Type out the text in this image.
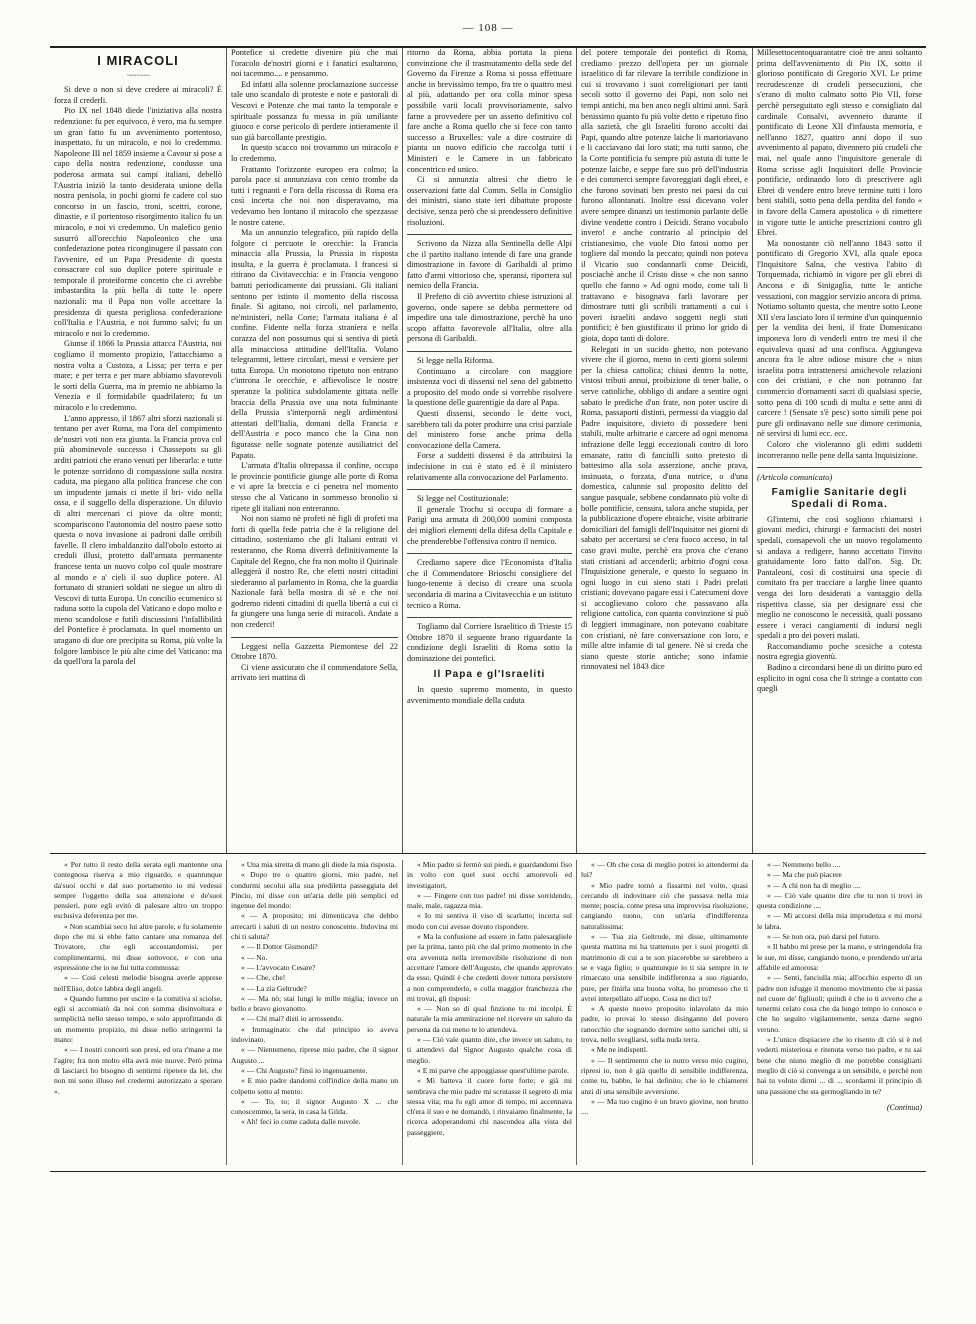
— 108 —
I MIRACOLI
~~~~~~~~

Si deve o non si deve credere ai miracoli? È forza il crederli.

Pio IX nel 1848 diede l'iniziativa alla nostra redenzione: fu per equivoco, è vero, ma fu sempre un gran fatto fu un avvenimento portentoso, inaspettato, fu un miracolo, e noi lo credemmo. Napoleone III nel 1859 insieme a Cavour si pose a capo della nostra redenzione, condusse una poderosa armata sui campi italiani, debellò l'Austria iniziò la tanto desiderata unione della nostra penisola, in pochi giorni fe cadere col suo concorso in un fascio, troni, scettri, corone, dinastie, e il portentoso risorgimento italico fu un miracolo, e noi vi credemmo. Un malefico genio susurrò all'orecchio Napoleonico che una confederazione potea riconginugere il passato con l'avvenire, ed un Papa Presidente di questa consacrare col suo duplice potere spirituale e temporale il proteiforme concetto che ci avrebbe imbastardita la più bella di tutte le opere nazionali: ma il Papa non volle accettare la presidenza di questa perigliosa confederazione coll'Italia e l'Austria, e noi fummo salvi; fu un miracolo e noi lo credemmo.

Giunse il 1866 la Prussia attacca l'Austria, noi cogliamo il momento propizio, l'attacchiamo a nostra volta a Custoza, a Lissa; per terra e per mare; e per terra e per mare abbiamo sfavorevoli le sorti della Guerra, ma in premio ne abbiamo la Venezia e il formidabile quadrilatero; fu un miracolo e lo credemmo.

L'anno appresso, il 1867 altri sforzi nazionali si tentano per aver Roma, ma l'ora del compimento de'nostri voti non era giunta. la Francia prova col più abominevole successo i Chassepots su gli arditi patrioti che erano venuti per liberarla: e tutte le potenze sorridono di compassione sulla nostra caduta, ma piegano alla politica francese che con un impudente jamais ci mette il bri- vido nella ossa, e il suggello della disperazione. Un diluvio di altri mercenari ci piove da oltre monti; scompariscono l'autonomia del nostro paese sotto questa o nova invasione ai padroni dalle orribili favelle. Il clero imbaldanzito dall'obolo estorto ai creduli illusi, protetto dall'armata permanente francese tenta un nuovo colpo col quale mostrare al mondo e a' cieli il suo duplice potere. Al fortunato di stranieri soldati ne siegue un altro di Vescovi di tutta Europa. Un concilio ecumenico si raduna sotto la cupola del Vaticano e dopo molto e meno scandolose e futili discussioni l'infallibilità del Pontefice è proclamata. In quel momento un uragano di due ore precipita su Roma, più volte la folgore lambisce le più alte cime del Vaticano: ma da quell'ora la parola del

Pontefice si credette divenire più che mai l'oracolo de'nostri giorni e i fanatici esultarono, noi tacemmo.... e pensammo.

Ed infatti alla solenne proclamazione successe tale uno scandalo di proteste e note e pastorali di Vescovi e Potenze che mai tanto la temporale e spirituale possanza fu messa in più umiliante giuoco e corse pericolo di perdere intieramente il suo già barcollante prestigio.

In questo scacco noi trovammo un miracolo e lo credemmo.

Frattanto l'orizzonte europeo era colmo; la parola pace si annunziava con cento trombe da tutti i regnanti e l'ora della riscossa di Roma era così incerta che noi non disperavamo, ma vedevamo ben lontano il miracolo che spezzasse le nostre catene.

Ma un annunzio telegrafico, più rapido della folgore ci percuote le orecchie: la Francia minaccia alla Prussia, la Prussia in risposta insulta, e la guerra è proclamata. I francesi si ritirano da Civitavecchia: e in Francia vengono battuti periodicamente dai prussiani. Gli italiani sentono per istinto il momento della riscossa finale. Si agitano, noi circoli, nel parlamento, ne'ministeri, nella Corte; l'armata italiana è al confine. Fidente nella forza straniera e nella corazza del non possumus qui si sentiva di pietà alla minacciosa attitudine dell'Italia. Volano telegrammi, lettere circolari, messi e versiere per tutta Europa. Un monotono ripetuto non entrano c'introna le orecchie, e affievolisce le nostre speranze la politica subdolamente gittata nelle braccia della Prussia ove una nota fulminante della Prussia s'interpornà negli ardimentosi attentati dell'Italia, domani della Francia e dell'Austria e poco manco che la Cina non figurasse nelle sognate potenze ausiliatrici del Papato.

L'armata d'Italia oltrepassa il confine, occupa le provincie pontificie giunge alle porte di Roma e vi apre la breccia e ci penetra nel momento stesso che al Vaticano in sommesso bronolio si ripete gli italiani non entreranno.

Noi non siamo nè profeti nè figli di profeti ma forti di quella fede patria che è la religione del cittadino, sosteniamo che gli Italiani entrati vi resteranno, che Roma diverrà definitivamente la Capitale del Regno, che fra non molto il Quirinale alleggerà il nostro Re, che eletti nostri cittadini siederanno al parlamento in Roma, che la guardia Nazionale farà bella mostra di sè e che noi godremo ridenti cittadini di quella libertà a cui ci fa giungere una lunga serie di miracoli. Andate a non crederci!

Leggesi nella Gazzetta Piemontese del 22 Ottobre 1870.

Ci viene assicurato che il commendatore Sella, arrivato ieri mattina di

ritorno da Roma, abbia portata la piena convinzione che il trasmutamento della sede del Governo da Firenze a Roma si possa effettuare anche in brevissimo tempo, fra tre o quattro mesi al più, adattando per ora colla minor spesa possibile varii locali provvisoriamente, salvo farne a provvedere per un assetto definitivo col fare anche a Roma quello che si fece con tanto successo a Bruxelles: vale a dire costruire di pianta un nuovo edificio che raccolga tutti i Ministeri e le Camere in un fabbricato concentrico ed unico.

Ci si annunzia altresì che dietro le osservazioni fatte dal Comm. Sella in Consiglio dei ministri, siano state ieri dibattute proposte decisive, senza però che si prendessero definitive risoluzioni.

Scrivono da Nizza alla Sentinella delle Alpi che il partito italiano intende di fare una grande dimostrazione in favore di Garibaldi al primo fatto d'armi vittorioso che, speransi, riportera sul nemico della Francia.

Il Prefetto di ciò avvertito chiese istruzioni al governo, onde sapere se debba permettere od impedire una tale dimostrazione, perchè ha uno scopo affatto favorevole all'Italia, oltre alla persona di Garibaldi.

Si legge nella Riforma.

Continuano a circolare con maggiore insistenza voci di dissensi nel seno del gabinetto a proposito del modo onde si vorrebbe risolvere la questione delle guarentigie da dare al Papa.

Questi dissensi, secondo le dette voci, sarebbero tali da poter produrre una crisi parziale del ministero forse anche prima della convocazione della Camera.

Forse a suddetti dissensi è da attribuirsi la indecisione in cui è stato ed è il ministero relativamente alla convocazione del Parlamento.

Si legge nel Costituzionale:

Il generale Trochu si occupa di formare a Parigi una armata di 200,000 uomini composta dei migliori elementi della difesa della Capitale e che prenderebbe l'offensiva contro il nemico.

Crediamo sapere dice l'Economista d'Italia che il Commendatore Brioschi consigliere del luogo-tenente à deciso di creare una scuola secondaria di marina a Civitavecchia e un istituto tecnico a Roma.

Togliamo dal Corriere Israelitico di Trieste 15 Ottobre 1870 il seguente brano riguardante la condizione degli Israeliti di Roma sotto la dominazione dei pontefici.

Il Papa e gl'Israeliti

In questo supremo momento, in questo avvenimento mondiale della caduta

del potere temporale dei pontefici di Roma, crediamo prezzo dell'opera per un giornale israelitico di far rilevare la terribile condizione in cui si trovavano i suoi correligionari per tanti secoli sotto il governo dei Papi, non solo nei tempi antichi, ma ben anco negli ultimi anni. Sarà benissimo quanto fu più volte detto e ripetuto fino alla sazietà, che gli Israeliti furono accolti dai Papi, quando altre potenze laiche li martoriavano e li cacciavano dai loro stati; ma tutti sanno, che la Corte pontificia fu sempre più astuta di tutte le potenze laiche, e seppe fare suo prò dell'industria e dei commerci sempre favoreggiati dagli ebrei, e che furono sovinati ben presto nei paesi da cui furono allontanati. Inoltre essi dicevano voler avere sempre dinanzi un testimonio parlante delle divine vendette contro i Deicidi. Strano vocabolo invero! e anche contrario al principio del cristianesimo, che vuole Dio fatosi uomo per togliere dal mondo la peccato; quindi non poteva il Vicario suo condannarli come Deicidi, posciachè anche il Cristo disse « che non sanno quello che fanno » Ad ogni modo, come tali li trattavano e bisognava farli lavorare per dimostrare tutti gli scribili trattamenti a cui i poveri israeliti andavo soggetti negli stati pontifici; è ben giustificato il primo lor grido di gioia, dopo tanti di dolore.

Relegati in un sucido ghetto, non potevano vivere che il giorno, meno in certi giorni solenni per la chiesa cattolica; chiusi dentro la notte, vistosi tributi annui, proibizione di tener balie, o serve cattoliche, obbligo di andare a sentire ogni sabato le prediche d'un frate, non poter uscire di Roma, passaporti distinti, permessi da viaggio dal Padre inquisitore, divieto di possedere beni stabili, multe arbitrarie e carcere ad ogni menoma infrazione delle leggi eccezionali contro di loro emanate, ratto di fanciulli sotto pretesto di battesimo alla sola asserzione, anche prava, insinuata, o forzata, d'una nutrice, o d'una domestica, calunnie sul proposito delitto del sangue pasquale, sebbene condannato più volte di bolle pontificie, censura, talora anche stupida, per la pubblicazione d'opere ebraiche, visite arbitrarie domiciliari del famigli dell'Inquisitor nei giorni di sabato per accertarsi se c'era fuoco acceso, in tal caso gravi multe, perchè era prova che c'erano stati cristiani ad accenderli; arbitrio d'ogni cosa l'Inquisizione generale, e questo lo seguano in ogni luogo in cui sieno stati i Padri prelati cristiani; dovevano pagare essi i Catecumeni dove si accoglievano coloro che passavano alla religione cattolica, con quanta convinzione si può di leggieri immaginare, non potevano coabitare con cristiani, nè fare conversazione con loro, e mille altre infamie di tal genere. Nè si creda che siano queste storie antiche; sono infamie rinnovatesi nel 1843 dice

Millesettocentoquarantatre cioè tre anni soltanto prima dell'avvenimento di Pio IX, sotto il glorioso pontificato di Gregorio XVI. Le prime recrudescenze di crudeli persecuzioni, che s'erano di molto calmato sotto Pio VII, forse perchè perseguitato egli stesso e consigliato dal cardinale Consalvi, avvennero durante il pontificato di Leone XII d'infausta memoria, e nell'anno 1827, quattro anni dopo il suo avvenimento al papato, divennero più crudeli che mai, nel quale anno l'inquisitore generale di Roma scrisse agli Inquisitori delle Provincie pontificie, ordinando loro di prescrivere agli Ebrei di vendere entro breve termine tutti i loro beni stabili, sotto pena della perdita del fondo « in favore della Camera apostolica » di rimettere in vigore tutte le antiche prescrizioni contro gli Ebrei.

Ma nonostante ciò nell'anno 1843 sotto il pontificato di Gregorio XVI, alla quale epoca l'Inquisitore Salna, che vestiva l'abito di Torquemada, richiamò in vigore per gli ebrei di Ancona e di Sinigaglia, tutte le antiche vessazioni, con maggior servizio ancora di prima. Notiamo soltanto questa, che mentre sotto Leone XII s'era lasciato loro il termine d'un quinquennio per la vendita dei beni, il frate Domenicano imponeva loro di venderli entro tre mesi il che equivaleva quasi ad una confisca. Aggiungeva ancora fra le altre odiose misure che « niun israelita potra intrattenersi amichevole relazioni con dei cristiani, e che non potranno far commercio d'ornamenti sacri di qualsiasi specie, sotto pena di 100 scudi di multa e sette anni di carcere ! (Sensate s'è pesc) sotto simili pene poi pure gli ordinavano nelle sue dimore cerimonia, nè servirsi di lumi ecc. ecc.

Coloro che violeranno gli editti suddetti incorreranno nelle pene della santa Inquisizione.

(Articolo comunicato)
Famiglie Sanitarie degli Spedali di Roma.

Gl'interni, che così sogliono chiamarsi i giovani medici, chirurgi e farmacisti dei nostri spedali, consapevoli che un nuovo regolamento si andava a redigere, hanno accettato l'invito gratuidamente loro fatto dall'on. Sig. Dr. Pantaleoni, così di costituirsi una specie di comitato fra per tracciare a larghe linee quanto venga dei loro desiderati a vantaggio della rispettiva classe, sia per designare essi che meglio ne conoscono le necessità, quali possano essere i veraci cangiamenti di indursi negli spedali a pro dei poveri malati.

Raccomandiamo poche scesiche a cotesta nostra egregia gioventù.

Badino a circondarsi bene di un diritto puro ed esplicito in ogni cosa che li stringe a contatto con quegli

« Per tutto il resto della serata egli mantenne una contegnosa riserva a mio riguardo, e quantunque da'suoi occhi e dal suo portamento io mi vedessi sempre l'oggetto della sua attenzione e de'suoi pensieri, pure egli evitò di palesare altro un troppo esclusiva deferenza per me.

« Non scambiai seco lui altre parole, e fu solamente dopo che mi si ebbe fatto cantare una romanza del Trovatore, che egli accostandomisi, per complimentarmi, mi disse sottovoce, e con una espressione che io ne fui tutta commossa:

« — Così celesti melodie bisogna averle apprese nell'Eliso, dolce labbra degli angeli.

« Quando fummo per uscire e la comitiva si sciolse, egli si accomiatò da noi con somma disinvoltura e semplicità nello stesso tempo, e solo approfittando di un momento propizio, mi disse nello stringermi la mano:

« — I nostri concerti son presi, ed ora r'mane a me l'agire; fra non molto ella avrà mie nuove. Però prima di lasciarci ho bisogno di sentirmi ripetere da lei, che non mi sono illuso nel credermi autorizzato a sperare ».

« Una mia stretta di mano gli diede la mia risposta.

« Dopo tre o quattro giorni, mio padre, nel condurmi secolui alla sua prediletta passeggiata del Pincio, mi disse con un'aria delle più semplici ed ingenue del mondo:

« — A proposito; mi dimenticava che debbo arrecarti i saluti di un nostro conoscente. Indovina mi chi ti saluta?

« — Il Dottor Gismondi?

« — No.

« — L'avvocato Cesare?

« — Che, che!

« — La zia Geltrude?

« — Ma nò; stai lungi le mille miglia; invece un bello e bravo giovanotto.

« — Chi mai? disti io arrossendo.

« Immaginato: che dal principio io aveva indovinato.

« — Nientemeno, riprese mio padre, che il signor Augusto ...

« — Chi Augusto? finsi io ingenuamente.

« E mio padre dandomi coll'indice della mano un colpetto sotto al mento:

« — To, to; il signor Augusto X ... che conoscemmo, la sera, in casa la Gilda.

« Ah! feci io come caduta dalle nuvole.

« Mio padre si fermò sui piedi, e guardandomi fiso in volto con quel suoi occhi amorevoli ed investigatori,

« — Fingere con tuo padre! mi disse sorridendo, male, male, ragazza mia.

« Io mi sentiva il viso di scarlatto; incerta sul modo con cui avesse dovuto rispondere.

« Ma la confusione ad essere in fatto palesargliele per la prima, tanto più che dal primo momento in che era avvenuta nella irremovibile risoluzione di non accettare l'amore dell'Augusto, che quando approvato da esso. Quindi è che credetti dover tuttora persistere a non comprenderlo, e colla maggior franchezza che mi trovai, gli risposi:

« — Non so di qual finzione tu mi incolpi. È naturale la mia ammirazione nel ricevere un saluto da persona da cui meno te lo attendeva.

« — Ciò vale quanto dire, che invece un saluto, tu ti attendevi dal Signor Augusto qualche cosa di meglio.

« E mi parve che appoggiasse quest'ultime parole.

« Mi batteva il cuore forte forte; e già mi sembrava che mio padre mi scrutasse il segreto di mia stessa vita; ma fu egli amor di tempo, mi accennava ch'era il suo e ne domandò, i rinvaiamo finalmente, la ricerca adoperandomi chi nascondea alla vista del passeggiere,

« — Oh che cosa di meglio potrei io attendermi da lui?

« Mio padre tornò a fissarmi nel volto, quasi cercando di indovinare ciò che passava nella mia mente; poscia, come presa una improvvisa risoluzione, cangiando tuono, con un'aria d'indifferenza naturalissima:

« — Tua zia Geltrude, mi disse, ultimamente questa mattina mi ha trattenuto per i suoi progetti di matrimonio di cui a te son piacerebbe se sarebbero a se e vaga figlio; o quantunque io ti sia sempre in te rimarcato una sensibile indifferenza a suo riguardo, pure, per finirla una buona volta, ho promesso che ti avrei interpellato all'uopo. Cosa ne dici tu?

« A questo nuovo proposito inlavolato da mio padre, io provai lo stesso disinganno del povero ranocchio che sognando dormire sotto sarichei ulti, si trova, nello svegliarsi, sulla nuda terra.

« Me ne indispettì.

« — Il sentimento che io nutro verso mio cugino, ripresi io, non è già quello di sensibile indifferenza, come tu, babbo, le hai definito; che io le chiamerei anzi di una sensibile avversione.

« — Ma tuo cugino è un bravo giovine, non brutto ....

« — Nemmeno bello ....

« — Ma che può piacere

« — A chi non ha di meglio ....

« — Ciò vale quanto dire che tu non ti trovi in questa condizione ....

« — Mi accorsi della mia imprudenza e mi morsi le labra.

« — Se non ora, può darsi pel futuro.

« Il babbo mi prese per la mano, e stringendola fra le sue, mi disse, cangiando tuono, e prendendo un'aria affabile ed amorosa:

« — Senti, fanciulla mia; all'occhio esperto di un padre non isfugge il menomo movimento che si passa nel cuore de' figliuoli; quindi è che io ti avverto che a tenermi celato cosa che da lungo tempo io conosco e che ho seguito vigilantemente, senza darne segno veruno.

« L'unico dispiacere che io risento di ciò si è nel vederti misteriosa e ritenuta verso tuo padre, e tu sai bene che niuno meglio di me potrebbe consigliarti meglio di ciò si convenga a un sensibile, e perchè non hai tu voluto dirmi ... di ... scordarmi il principio di una passione che sta germogliando in te?

(Continua)
